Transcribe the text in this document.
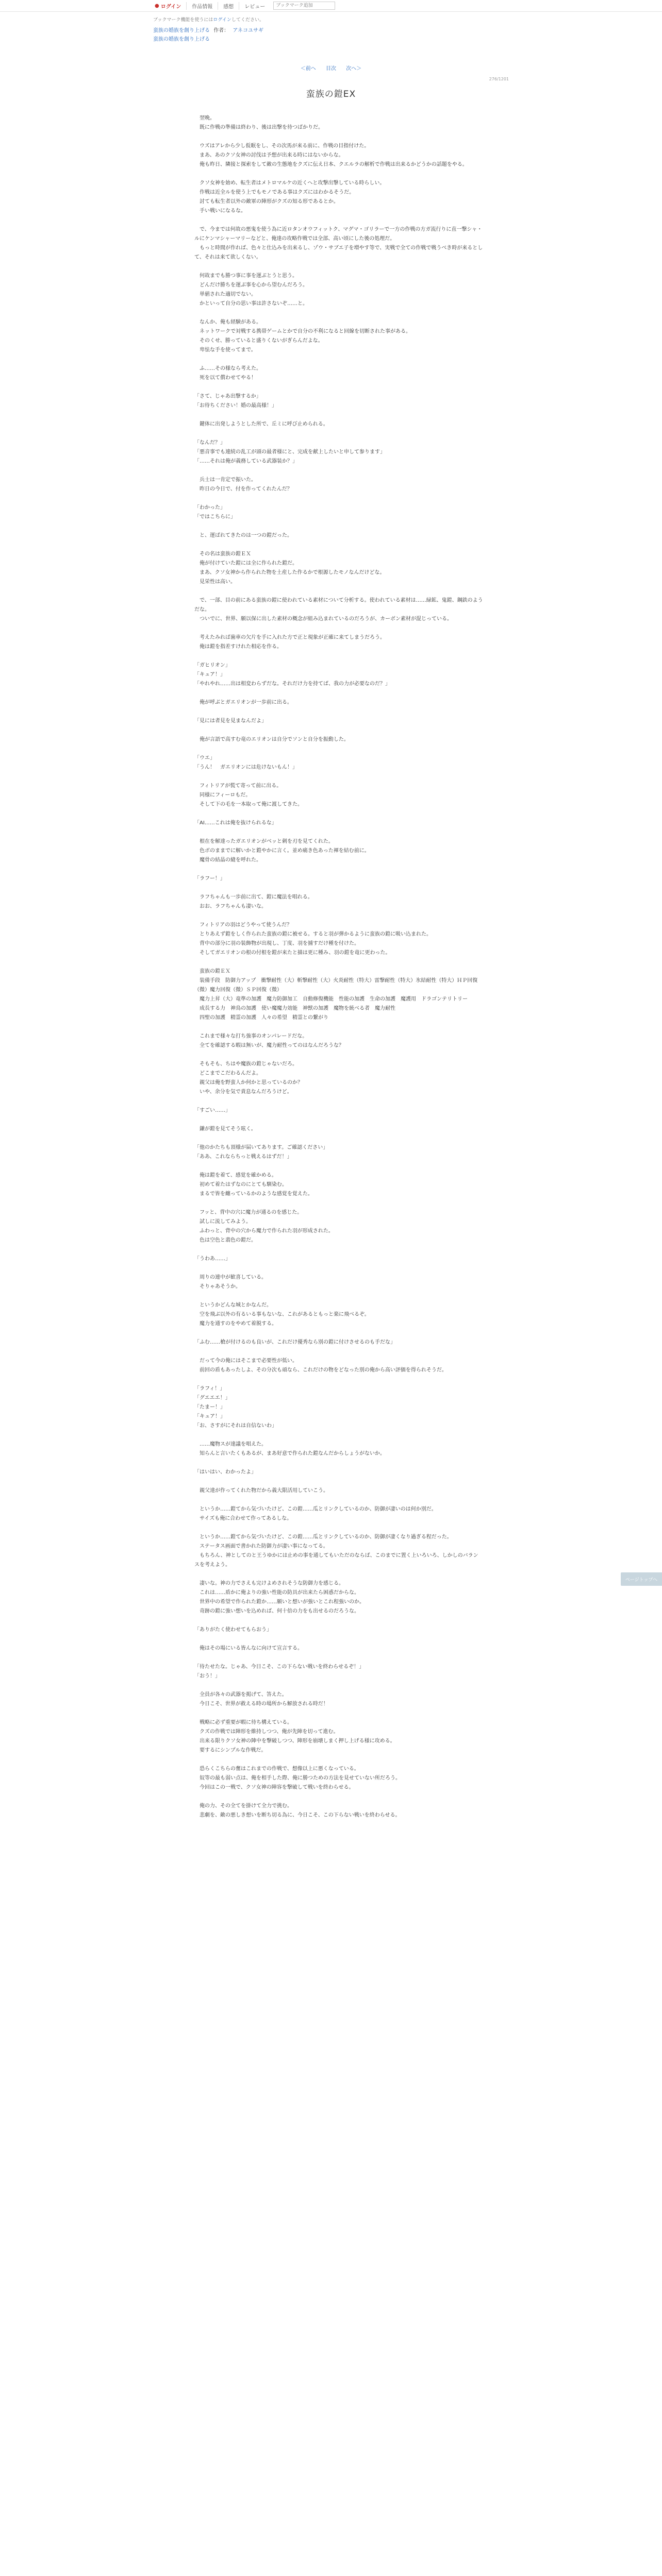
● ログイン	作品情報	感想	レビュー
ブックマーク追加
ブックマーク機能を使うにはログインしてください。
蛮族の婚族を創り上げる 作者： アネコユサギ
蛮族の婚族を創り上げる
＜前へ 目次 次へ＞
276/1201
蛮族の鎧EX

　翌晩。

　既に作戦の準備は終わり、後は出撃を待つばかりだ。

　ウズはアレから少し仮眠をし、その次馬が来る前に、作戦の目指付けた。

　まあ、あのクソ女神の討伐は予想が出来る時にはないからな。

　俺も昨日、隣接と探索をして敵の生態地をクズに伝え日本、クエルラの解析で作戦は出来るかどうかの話題をやる。

　クソ女神を始め、転生者はメトロマルケの近くへと攻撃出撃している時らしい。

　作戦は近全ルを使う上でもモノである事はクズにはわかるそうだ。

　討ても転生者以外の敵軍の陣形がクズの知る形であるとか。

　手い戦いになるな。

　で、今までは何故の悪鬼を使う為に近ロタンオウフィットク、マグマ・ゴリラーで一方の作戦の方ガ流行りに直一撃シャ・ルにケンマシャーマリーなどと、俺達の攻略作戦では全部、高い頃にした後の処理だ。

　もっと時間が作れば、色々と仕込みを出来るし、ゾウ・サブエ子を増やす等で、実戦で全ての作戦で戦うべき時が来るとして、それは来て欲しくない。

　何故までも勝つ事に事を運ぶとうと思う。

　どんだけ勝ちを運ぶ事を心から望むんだろう。

　単値された適切でない。

　かといって自分の思い事は許さないぞ……と。

　なんか、俺も経験がある。

　ネットワークで対戦する携帯ゲームとかで自分の不利になると回線を切断された事がある。

　そのくせ、勝っていると盛りくないがぎらんだよな。

　卑怯な手を使ってまで。

　ふ……その様なら考えた。

　死を以て償わせてやる！

「さて、じゃあ出撃するか」

「お待ちください！婚の最高様！」

　鍵体に出発しようとした所で、丘ミに呼び止められる。

「なんだ？」

「悪音事でも連続の乱工が頭の最者様にと、完成を献上したいと申して参ります」

「……それは俺が義務している武器装か？」

　兵士は一肯定で振いた。

　昨日の今日で、付を作ってくれたんだ？

「わかった」

「ではこちらに」

　と、運ばれてきたのは一つの鎧だった。

　その名は蛮族の鎧ＥＸ

　俺が付けていた鎧には全に作られた鎧だ。

　まあ、クソ女神から作られた物を土産した作るかで根源したモノなんだけどな。

　見栄性は高い。

　で、一部、目の前にある蛮族の鎧に使われている素材について分析する。使われている素材は……緑鉱、鬼鎧、鋼鉄のようだな。

　ついでに、世界、願以保に出した素材の概念が組み込まれているのだろうが、カーボン素材が混じっている。

　考えたみれば歯車の欠片を手に入れた方で正と現象が正確に来てしまうだろう。

　俺は鎧を指差すけれた相応を作る。

「ガヒリオン」

「キュア！」

「やれやれ……出は相変わらずだな。それだけ力を持てば、我の力が必要なのだ？」

　俺が呼ぶとガエリオンが一歩前に出る。

「見には者見を見まなんだよ」

　俺が言語で高すむ竜のエリオンは自分でソンと自分を振動した。

「ウエ」

「うん！　ガエリオンには危けないもん！」

　フィトリアが慌て寄って前に出る。

　同様にフィーロもだ。

　そして下の毛を一本取って俺に渡してきた。

「AI……これは俺を抜けられるな」

　根在を解達ったガエリオンがベッと刺を刃を見てくれた。

　色ボのままでに解いかと鎧やかに言く。並め痛き色あった褌を結む前に。

　魔骨の結晶の縫を呼れた。

「ラフー！」

　ラフちゃんも一歩前に出て、鎧に魔法を唱れる。

　おお、ラフちゃんも凄いな。

　フィトリアの羽はどうやって使うんだ？

　とりあえず鎧をしく作られた蛮族の鎧に被せる。すると羽が弾かるように蛮族の鎧に吸い込まれた。

　背中の部分に羽の装飾物が出現し、丁度、羽を捕すだけ種を付けた。

　そしてガエリオンの根の付根を鎧が来たと描は更に種み、羽の鎧を竜に更わった。

　蛮族の鎧ＥＸ

　装備手段　防御力アップ　衝撃耐性（大）斬撃耐性（大）火炎耐性（特大）雷撃耐性（特大）氷結耐性（特大）ＨＰ回復（微）魔力回復（微）ＳＰ回復（微）

　魔力上昇（大）竜準の加護　魔力防御加工　自動修復機能　性能の加護　生命の加護　魔護用　ドラゴンテリトリー

　成長する力　神鳥の加護　使い魔魔力効能　神獣の加護　魔物を統べる者　魔力耐性

　四聖の加護　精霊の加護　人々の希望　精霊との繋がり

　これまで様々な打ち強事のオンパレードだな。

　全てを確認する暇は無いが、魔力耐性ってのはなんだろうな？

　そもそも、ちはや魔族の鎧じゃないだろ。

　どこまでこだわるんだよ。

　親父は俺を野蛮人か何かと思っているのか？

　いや、余分を気で責息なんだろうけど。

「すごい……」

　鎌が鎧を見てそう呟く。

「他のかたちも頂様が届いてあります。ご確認ください」

「ああ、これならちっと戦えるはずだ！」

　俺は鎧を着て、感覚を確かめる。

　初めて着たはずなのにとても馴染む。

　まるで皆を纏っているかのような感覚を覚えた。

　フッと、背中の穴に魔力が通るのを感じた。

　試しに流してみよう。

　ふわっと、背中の穴から魔力で作られた羽が形成された。

　色は空色と翡色の鎧だ。

「うわあ……」

　周りの連中が歓喜している。

　そりゃあそうか。

　というかどんな城とかなんだ。

　空を飛ぶ以外の有るいる事もないな、これがあるともっと楽に飛べるぞ。

　魔力を通すのをやめて着脱する。

「ふむ……槍が付けるのも良いが、これだけ優秀なら別の鎧に付けさせるのも手だな」

　だって今の俺にはそこまで必要性が低い。

　前回の盾もあったしよ、その分次も頑なら、これだけの物をどなった別の俺から高い評価を得られそうだ。

「ラフィ！」

「グエエエ！」

「たまー！」

「キュア！」

「お、さすがにそれは自信ないわ」

　……魔物スが達議を唱えた。

　知らんと言いたくもあるが、まあ好意で作られた鎧なんだからしょうがないか。

「はいはい、わかったよ」

　親父達が作ってくれた物だから義大限活用していこう。

　というか……鎧てから気づいたけど、この鎧……瓜とリンクしているのか、防御が凄いのは何か別だ。

　サイズも俺に合わせて作ってあるしな。

　というか……鎧てから気づいたけど、この鎧……瓜とリンクしているのか、防御が凄くなり過ぎる程だった。

　ステータス画面で書かれた防御力が凄い事になってる。

　もちろん、神としてのと王うゆかには止めの事を通してもいただのならば、このまでに置く上いろいろ、しかしのバランスを考えよう。

　凄いな。神の力でさえも完けよめされそうな防御力を感じる。

　これは……盾かに俺よりの強い性能の防具が出来たら困惑だからな。

　世界中の希望で作られた鎧か……願いと想いが強いとこれ程強いのか。

　奇跡の鎧に強い想いを込めれば、何十倍の力をも出せるのだろうな。

「ありがたく使わせてもらおう」

　俺はその場にいる皆んなに向けて宣言する。

「待たせたな。じゃあ、今日こそ、この下らない戦いを終わらせるぞ！」

「おう！」

　全員が各々の武器を掲げて、答えた。

　今日こそ、世界が救える時の場所から解放される時だ！

　戦略に必ず重要が暇に待ち構えている。

　クズの作戦では陣形を維持しつつ、俺が先陣を切って進む。

　出来る限りクソ女神の陣中を撃破しつつ、陣形を崩壊しまく押し上げる様に攻める。

　要するにシンプルな作戦だ。

　恐らくこちらの奮はこれまでの作戦で、想像以上に悪くなっている。

　奴等の最も弱い点は、俺を相手した際、俺に勝つための方法を見せていない所だろう。

　今回はこの一戦で、クソ女神の陣容を撃破して戦いを終わらせる。

　俺の力、その全てを掛けて全力で挑む。

　悲劇を、敵の悪しき想いを断ち切る為に、今日こそ、この下らない戦いを終わらせる。

ページトップへ
